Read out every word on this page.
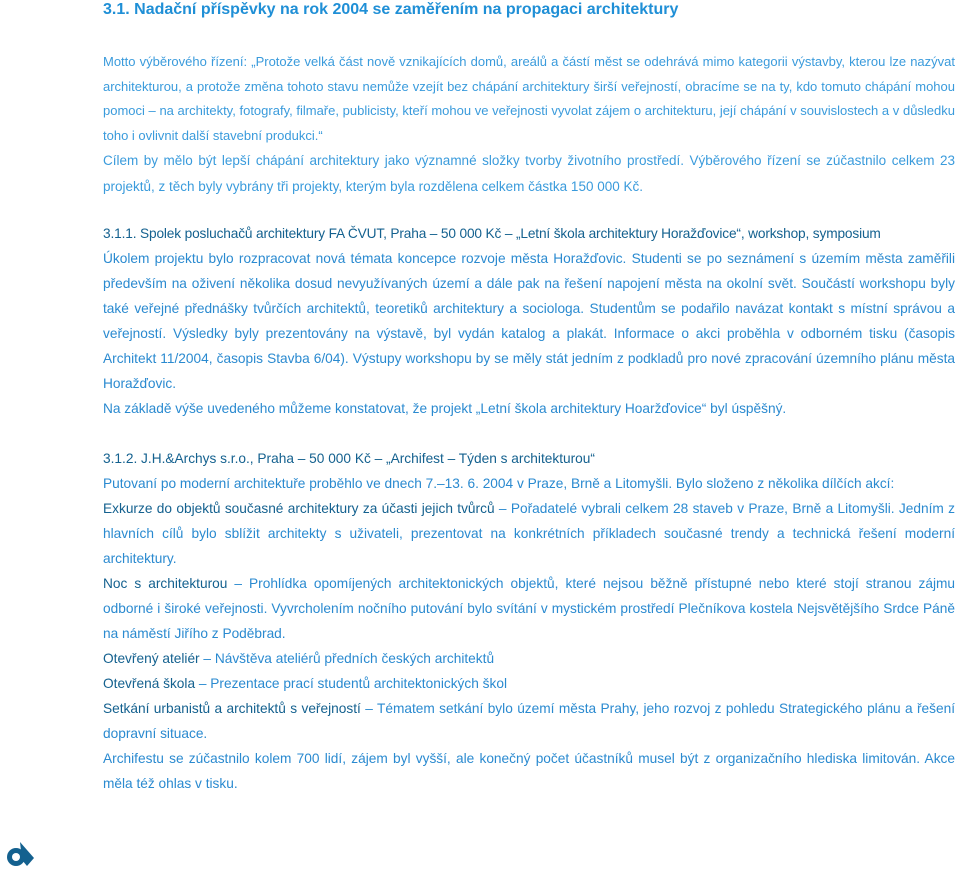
3.1. Nadační příspěvky na rok 2004 se zaměřením na propagaci architektury

Motto výběrového řízení: „Protože velká část nově vznikajících domů, areálů a částí měst se odehrává mimo kategorii výstavby, kterou lze nazývat architekturou, a protože změna tohoto stavu nemůže vzejít bez chápání architektury širší veřejností, obracíme se na ty, kdo tomuto chápání mohou pomoci – na architekty, fotografy, filmaře, publicisty, kteří mohou ve veřejnosti vyvolat zájem o architekturu, její chápání v souvislostech a v důsledku toho i ovlivnit další stavební produkci.“

Cílem by mělo být lepší chápání architektury jako významné složky tvorby životního prostředí. Výběrového řízení se zúčastnilo celkem 23 projektů, z těch byly vybrány tři projekty, kterým byla rozdělena celkem částka 150 000 Kč.

3.1.1. Spolek posluchačů architektury FA ČVUT, Praha – 50 000 Kč – „Letní škola architektury Horažďovice“, workshop, symposium

Úkolem projektu bylo rozpracovat nová témata koncepce rozvoje města Horažďovic. Studenti se po seznámení s územím města zaměřili především na oživení několika dosud nevyužívaných území a dále pak na řešení napojení města na okolní svět. Součástí workshopu byly také veřejné přednášky tvůrčích architektů, teoretiků architektury a sociologa. Studentům se podařilo navázat kontakt s místní správou a veřejností. Výsledky byly prezentovány na výstavě, byl vydán katalog a plakát. Informace o akci proběhla v odborném tisku (časopis Architekt 11/2004, časopis Stavba 6/04). Výstupy workshopu by se měly stát jedním z podkladů pro nové zpracování územního plánu města Horažďovic.

Na základě výše uvedeného můžeme konstatovat, že projekt „Letní škola architektury Hoaržďovice“ byl úspěšný.

3.1.2. J.H.&Archys s.r.o., Praha – 50 000 Kč – „Archifest – Týden s architekturou“

Putovaní po moderní architektuře proběhlo ve dnech 7.–13. 6. 2004 v Praze, Brně a Litomyšli. Bylo složeno z několika dílčích akcí:

Exkurze do objektů současné architektury za účasti jejich tvůrců – Pořadatelé vybrali celkem 28 staveb v Praze, Brně a Litomyšli. Jedním z hlavních cílů bylo sblížit architekty s uživateli, prezentovat na konkrétních příkladech současné trendy a technická řešení moderní architektury.

Noc s architekturou – Prohlídka opomíjených architektonických objektů, které nejsou běžně přístupné nebo které stojí stranou zájmu odborné i široké veřejnosti. Vyvrcholením nočního putování bylo svítání v mystickém prostředí Plečníkova kostela Nejsvětějšího Srdce Páně na náměstí Jiřího z Poděbrad.

Otevřený ateliér – Návštěva ateliérů předních českých architektů

Otevřená škola – Prezentace prací studentů architektonických škol

Setkání urbanistů a architektů s veřejností – Tématem setkání bylo území města Prahy, jeho rozvoj z pohledu Strategického plánu a řešení dopravní situace.

Archifestu se zúčastnilo kolem 700 lidí, zájem byl vyšší, ale konečný počet účastníků musel být z organizačního hlediska limitován. Akce měla též ohlas v tisku.
